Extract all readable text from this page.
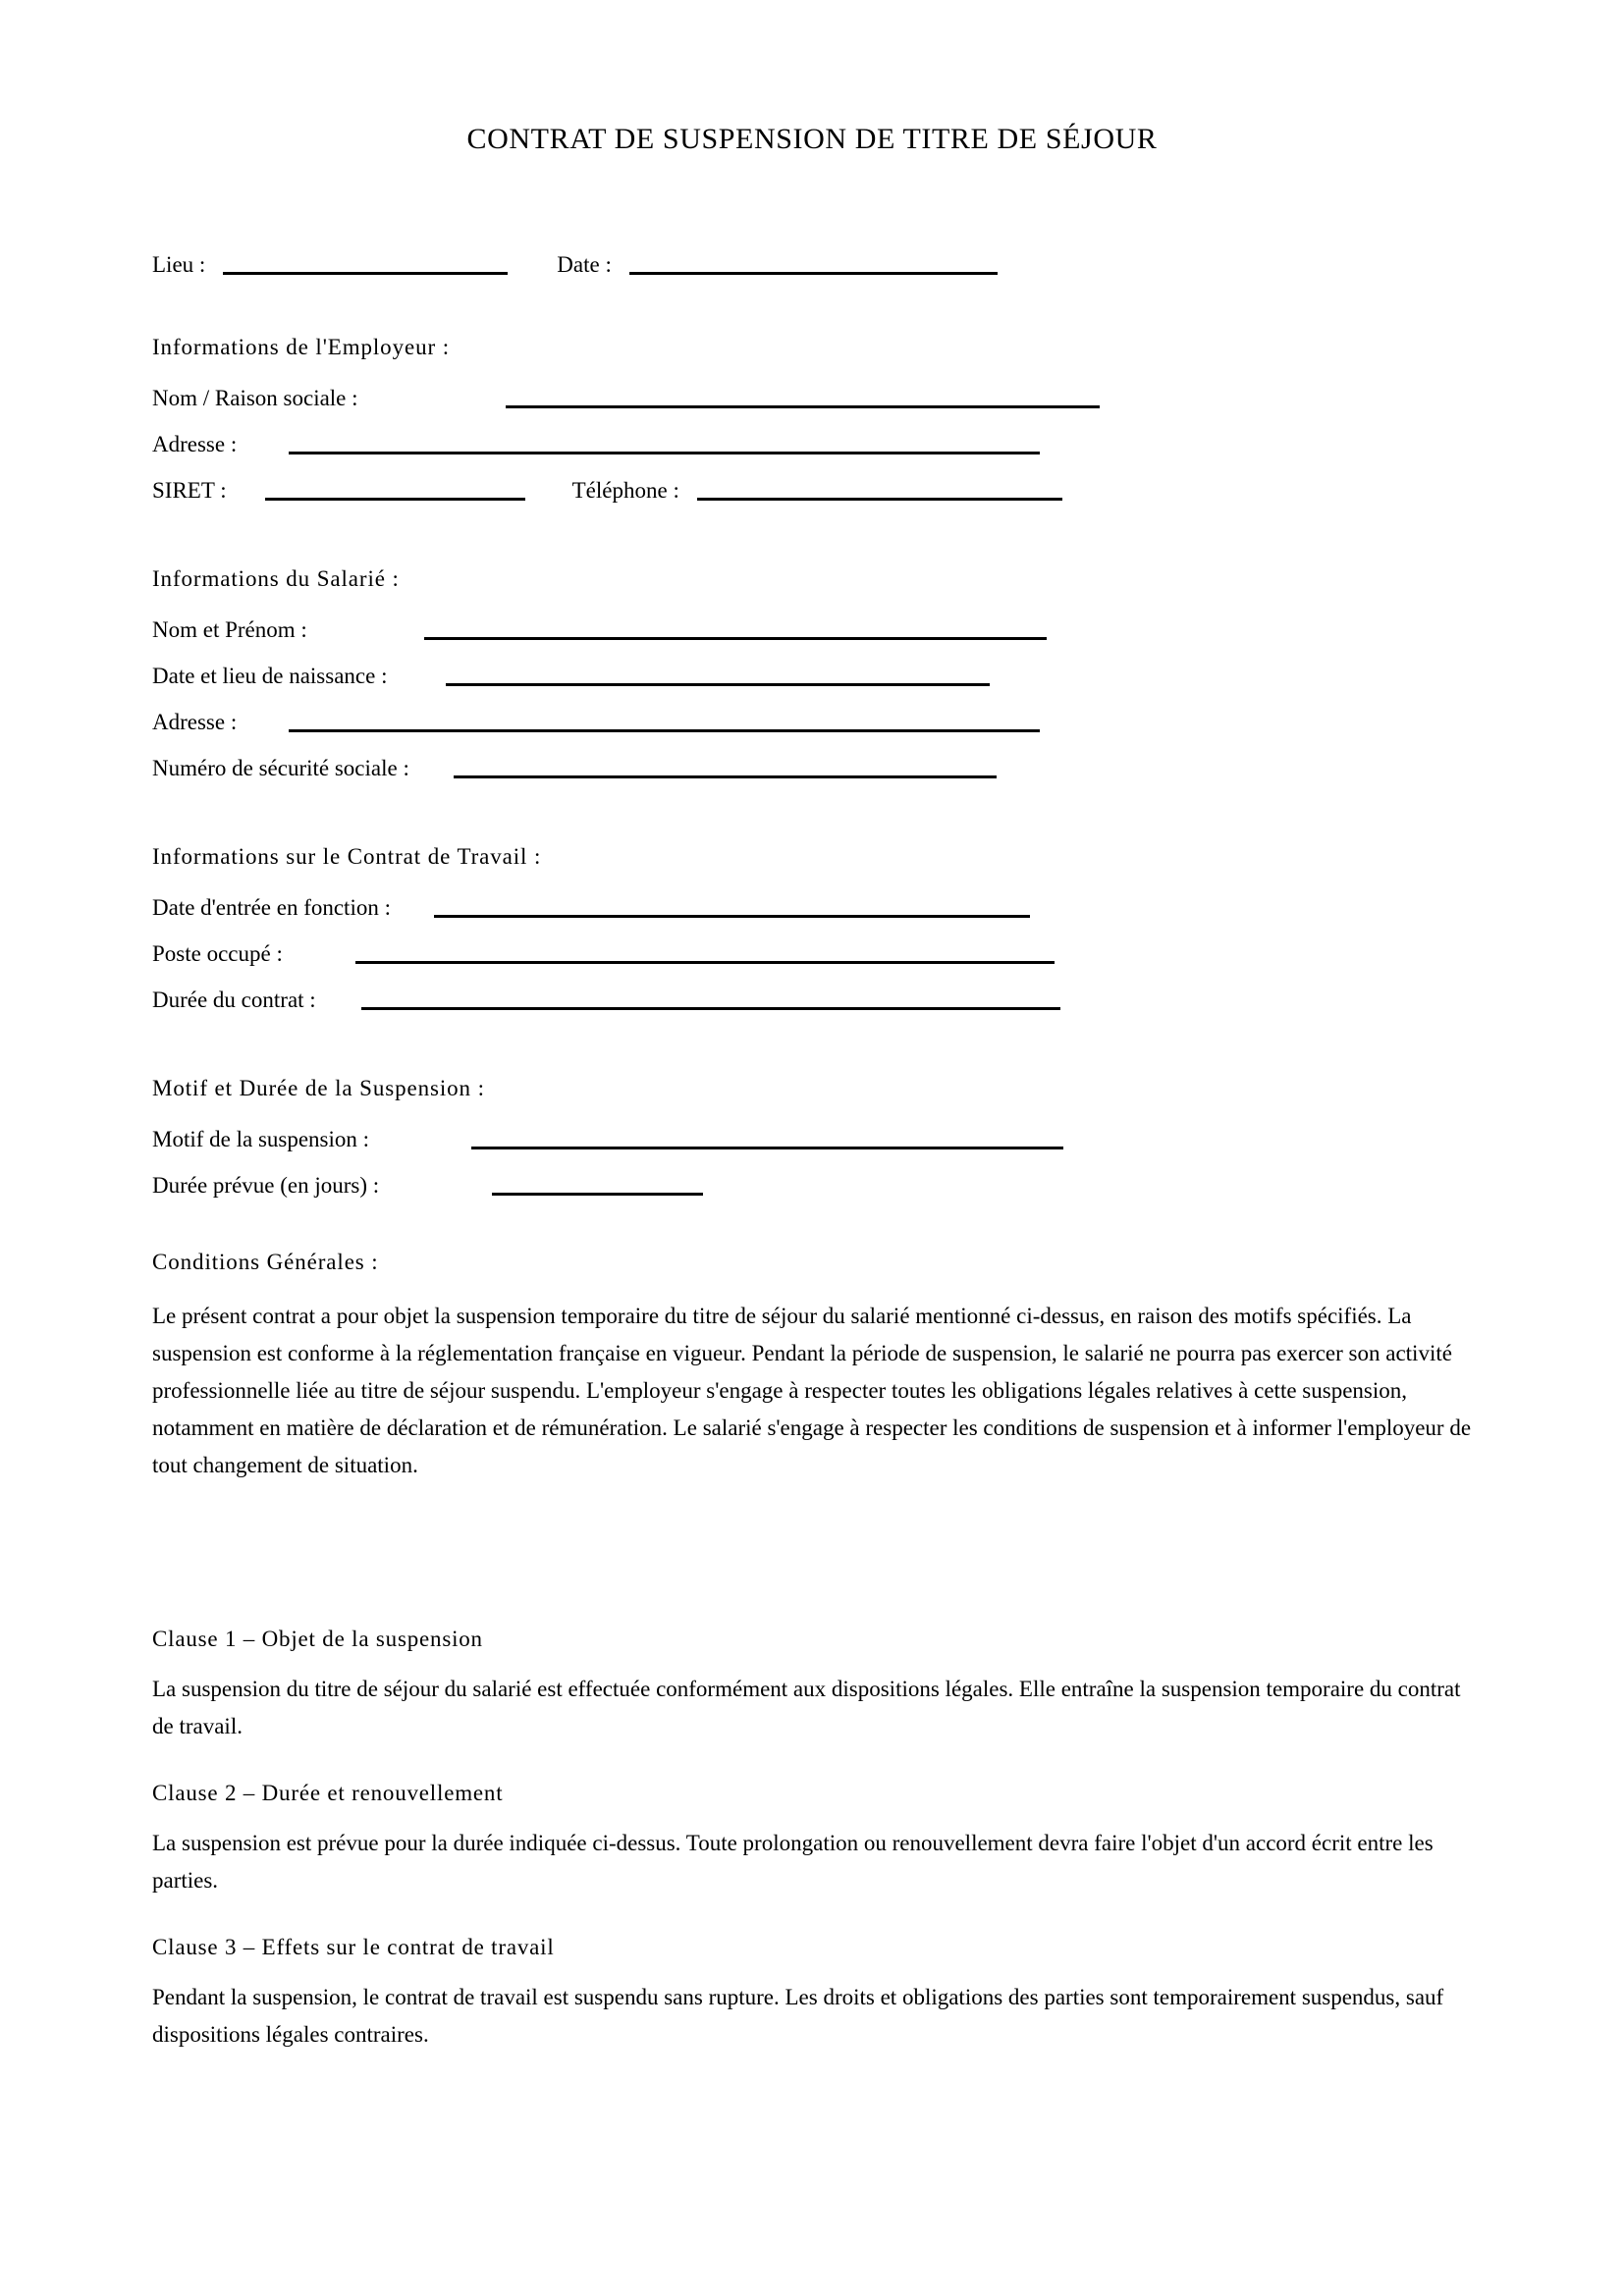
CONTRAT DE SUSPENSION DE TITRE DE SÉJOUR
Lieu :	Date :
Informations de l'Employeur :
Nom / Raison sociale :
Adresse :
SIRET :	Téléphone :
Informations du Salarié :
Nom et Prénom :
Date et lieu de naissance :
Adresse :
Numéro de sécurité sociale :
Informations sur le Contrat de Travail :
Date d'entrée en fonction :
Poste occupé :
Durée du contrat :
Motif et Durée de la Suspension :
Motif de la suspension :
Durée prévue (en jours) :
Conditions Générales :
Le présent contrat a pour objet la suspension temporaire du titre de séjour du salarié mentionné ci-dessus, en raison des motifs spécifiés. La suspension est conforme à la réglementation française en vigueur. Pendant la période de suspension, le salarié ne pourra pas exercer son activité professionnelle liée au titre de séjour suspendu. L'employeur s'engage à respecter toutes les obligations légales relatives à cette suspension, notamment en matière de déclaration et de rémunération. Le salarié s'engage à respecter les conditions de suspension et à informer l'employeur de tout changement de situation.
Clause 1 – Objet de la suspension
La suspension du titre de séjour du salarié est effectuée conformément aux dispositions légales. Elle entraîne la suspension temporaire du contrat de travail.
Clause 2 – Durée et renouvellement
La suspension est prévue pour la durée indiquée ci-dessus. Toute prolongation ou renouvellement devra faire l'objet d'un accord écrit entre les parties.
Clause 3 – Effets sur le contrat de travail
Pendant la suspension, le contrat de travail est suspendu sans rupture. Les droits et obligations des parties sont temporairement suspendus, sauf dispositions légales contraires.
